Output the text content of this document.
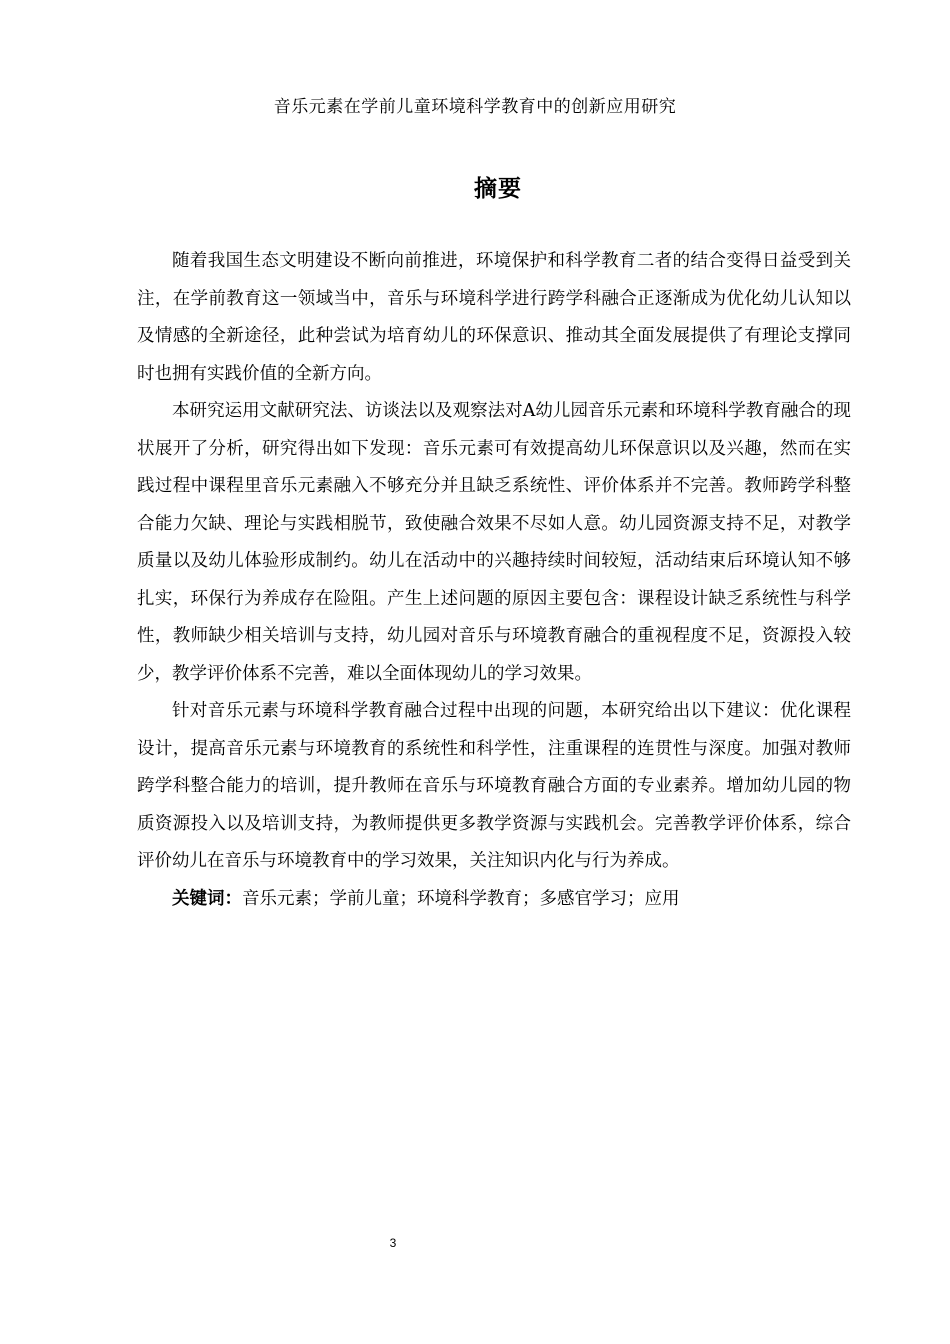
音乐元素在学前儿童环境科学教育中的创新应用研究
摘要

随着我国生态文明建设不断向前推进，环境保护和科学教育二者的结合变得日益受到关注，在学前教育这一领域当中，音乐与环境科学进行跨学科融合正逐渐成为优化幼儿认知以及情感的全新途径，此种尝试为培育幼儿的环保意识、推动其全面发展提供了有理论支撑同时也拥有实践价值的全新方向。

本研究运用文献研究法、访谈法以及观察法对A幼儿园音乐元素和环境科学教育融合的现状展开了分析，研究得出如下发现：音乐元素可有效提高幼儿环保意识以及兴趣，然而在实践过程中课程里音乐元素融入不够充分并且缺乏系统性、评价体系并不完善。教师跨学科整合能力欠缺、理论与实践相脱节，致使融合效果不尽如人意。幼儿园资源支持不足，对教学质量以及幼儿体验形成制约。幼儿在活动中的兴趣持续时间较短，活动结束后环境认知不够扎实，环保行为养成存在险阻。产生上述问题的原因主要包含：课程设计缺乏系统性与科学性，教师缺少相关培训与支持，幼儿园对音乐与环境教育融合的重视程度不足，资源投入较少，教学评价体系不完善，难以全面体现幼儿的学习效果。

针对音乐元素与环境科学教育融合过程中出现的问题，本研究给出以下建议：优化课程设计，提高音乐元素与环境教育的系统性和科学性，注重课程的连贯性与深度。加强对教师跨学科整合能力的培训，提升教师在音乐与环境教育融合方面的专业素养。增加幼儿园的物质资源投入以及培训支持，为教师提供更多教学资源与实践机会。完善教学评价体系，综合评价幼儿在音乐与环境教育中的学习效果，关注知识内化与行为养成。

关键词：音乐元素；学前儿童；环境科学教育；多感官学习；应用

3
